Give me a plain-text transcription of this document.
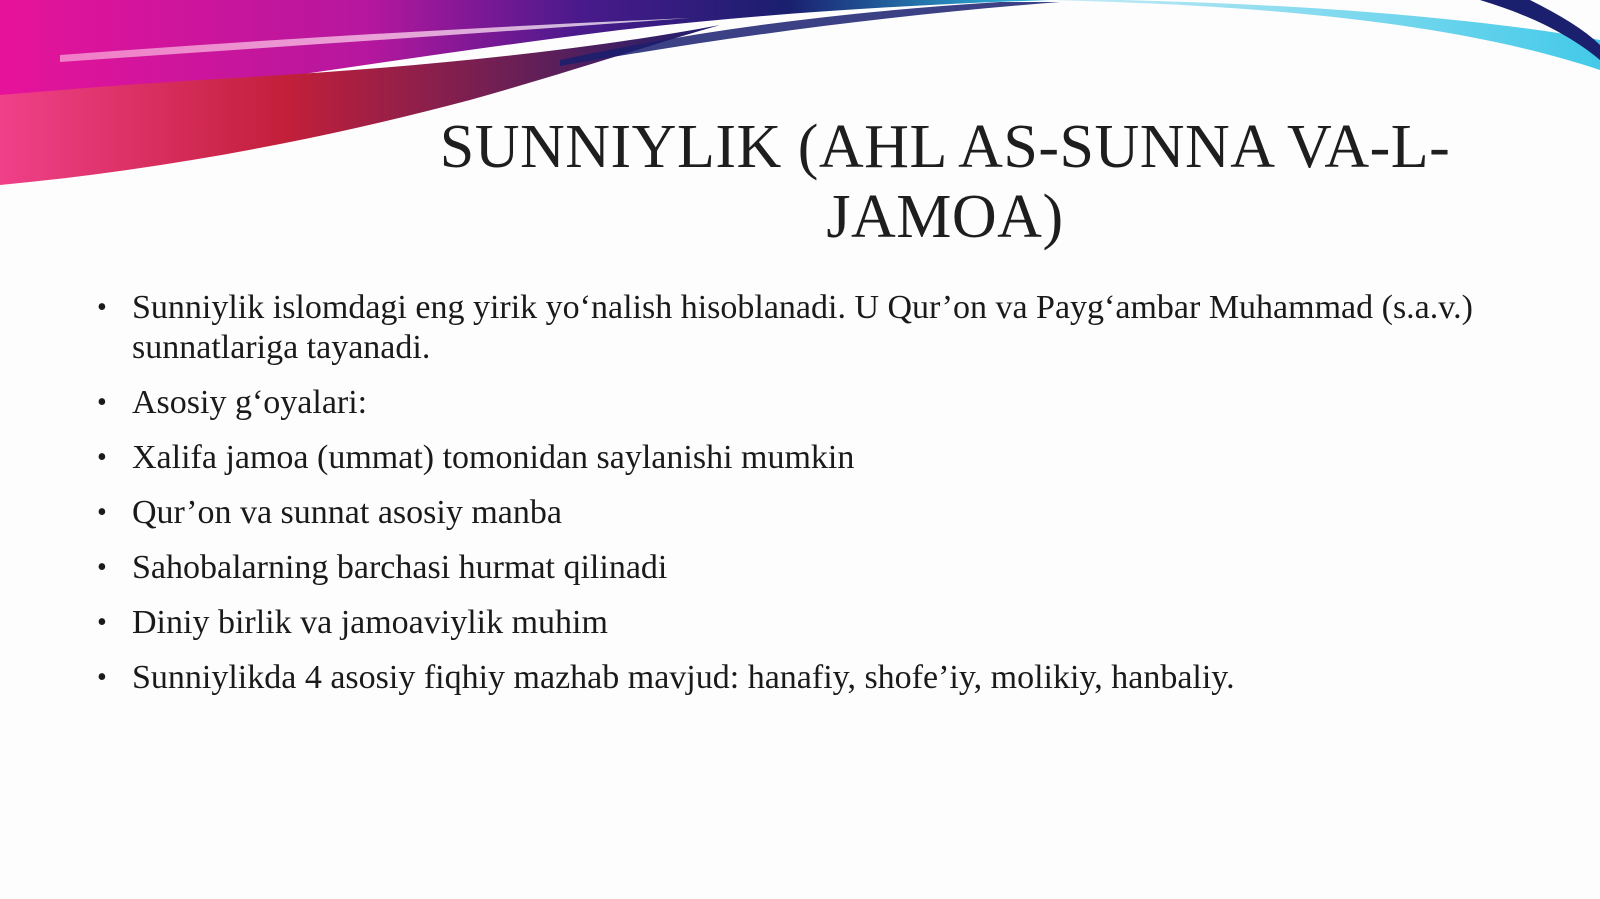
SUNNIYLIK (AHL AS-SUNNA VA-L-JAMOA)
• Sunniylik islomdagi eng yirik yo‘nalish hisoblanadi. U Qur’on va Payg‘ambar Muhammad (s.a.v.) sunnatlariga tayanadi.
• Asosiy g‘oyalari:
• Xalifa jamoa (ummat) tomonidan saylanishi mumkin
• Qur’on va sunnat asosiy manba
• Sahobalarning barchasi hurmat qilinadi
• Diniy birlik va jamoaviylik muhim
• Sunniylikda 4 asosiy fiqhiy mazhab mavjud: hanafiy, shofe’iy, molikiy, hanbaliy.
